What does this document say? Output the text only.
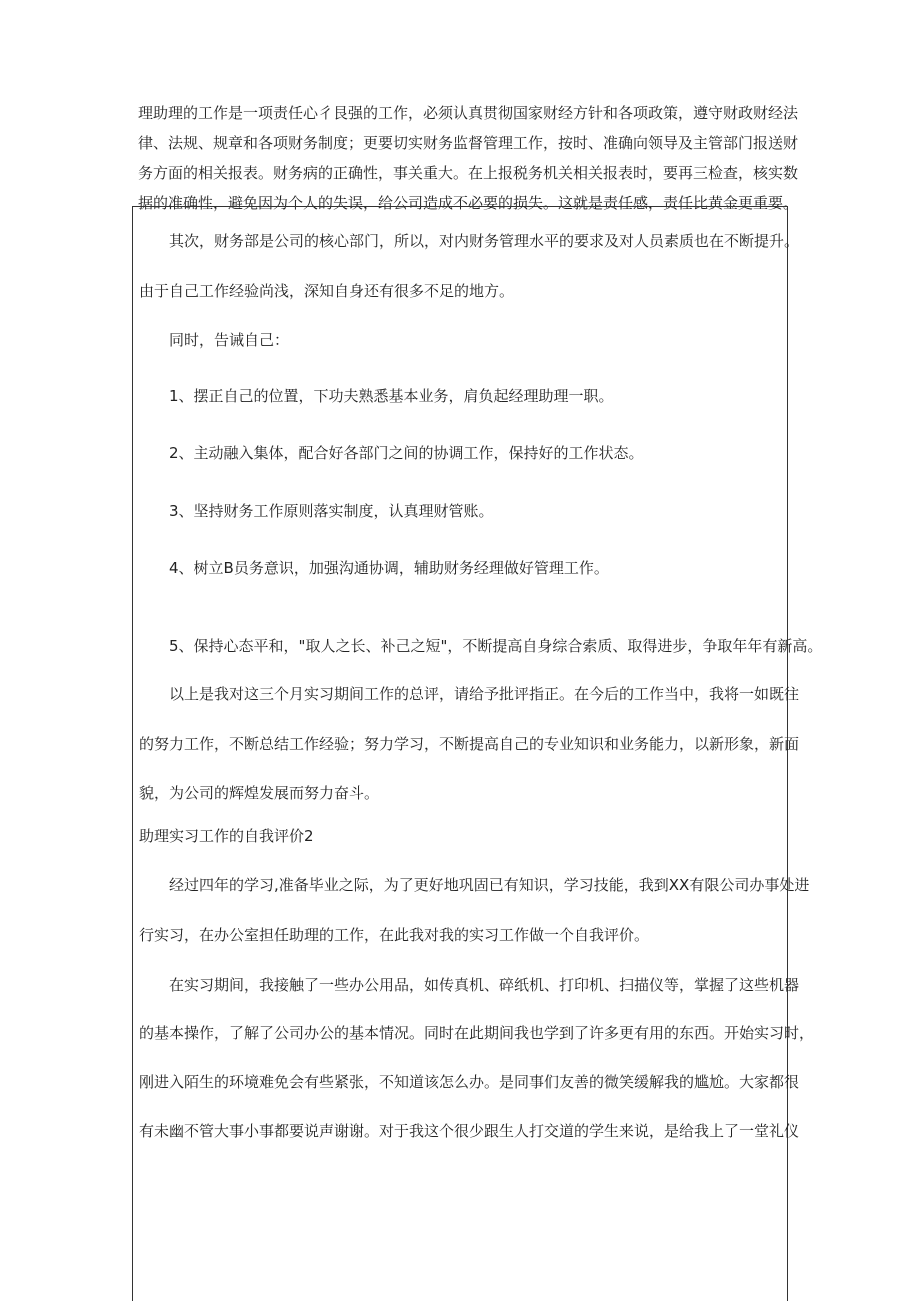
理助理的工作是一项责任心彳艮强的工作，必须认真贯彻国家财经方针和各项政策，遵守财政财经法

律、法规、规章和各项财务制度；更要切实财务监督管理工作，按时、准确向领导及主管部门报送财

务方面的相关报表。财务病的正确性，事关重大。在上报税务机关相关报表时，要再三检查，核实数

据的准确性，避免因为个人的失误，给公司造成不必要的损失。这就是责任感，责任比黄金更重要。

其次，财务部是公司的核心部门，所以，对内财务管理水平的要求及对人员素质也在不断提升。

由于自己工作经验尚浅，深知自身还有很多不足的地方。

同时，告诫自己：

1、摆正自己的位置，下功夫熟悉基本业务，肩负起经理助理一职。

2、主动融入集体，配合好各部门之间的协调工作，保持好的工作状态。

3、坚持财务工作原则落实制度，认真理财管账。

4、树立B员务意识，加强沟通协调，辅助财务经理做好管理工作。

5、保持心态平和，"取人之长、补己之短"，不断提高自身综合索质、取得进步，争取年年有新高。

以上是我对这三个月实习期间工作的总评，请给予批评指正。在今后的工作当中，我将一如既往

的努力工作，不断总结工作经验；努力学习，不断提高自己的专业知识和业务能力，以新形象，新面

貌，为公司的辉煌发展而努力奋斗。

助理实习工作的自我评价2

经过四年的学习,准备毕业之际，为了更好地巩固已有知识，学习技能，我到XX有限公司办事处进

行实习，在办公室担任助理的工作，在此我对我的实习工作做一个自我评价。

在实习期间，我接触了一些办公用品，如传真机、碎纸机、打印机、扫描仪等，掌握了这些机器

的基本操作，了解了公司办公的基本情况。同时在此期间我也学到了许多更有用的东西。开始实习时，

刚进入陌生的环境难免会有些紧张，不知道该怎么办。是同事们友善的微笑缓解我的尴尬。大家都很

有未幽不管大事小事都要说声谢谢。对于我这个很少跟生人打交道的学生来说，是给我上了一堂礼仪
